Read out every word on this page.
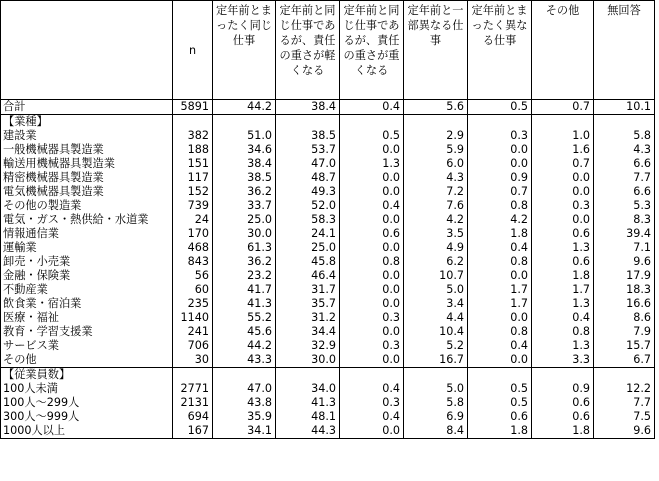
	n	定年前とまったく同じ仕事	定年前と同じ仕事であるが、責任の重さが軽くなる	定年前と同じ仕事であるが、責任の重さが重くなる	定年前と一部異なる仕事	定年前とまったく異なる仕事	その他	無回答
合計	5891	44.2	38.4	0.4	5.6	0.5	0.7	10.1
【業種】								
建設業	382	51.0	38.5	0.5	2.9	0.3	1.0	5.8
一般機械器具製造業	188	34.6	53.7	0.0	5.9	0.0	1.6	4.3
輸送用機械器具製造業	151	38.4	47.0	1.3	6.0	0.0	0.7	6.6
精密機械器具製造業	117	38.5	48.7	0.0	4.3	0.9	0.0	7.7
電気機械器具製造業	152	36.2	49.3	0.0	7.2	0.7	0.0	6.6
その他の製造業	739	33.7	52.0	0.4	7.6	0.8	0.3	5.3
電気・ガス・熱供給・水道業	24	25.0	58.3	0.0	4.2	4.2	0.0	8.3
情報通信業	170	30.0	24.1	0.6	3.5	1.8	0.6	39.4
運輸業	468	61.3	25.0	0.0	4.9	0.4	1.3	7.1
卸売・小売業	843	36.2	45.8	0.8	6.2	0.8	0.6	9.6
金融・保険業	56	23.2	46.4	0.0	10.7	0.0	1.8	17.9
不動産業	60	41.7	31.7	0.0	5.0	1.7	1.7	18.3
飲食業・宿泊業	235	41.3	35.7	0.0	3.4	1.7	1.3	16.6
医療・福祉	1140	55.2	31.2	0.3	4.4	0.0	0.4	8.6
教育・学習支援業	241	45.6	34.4	0.0	10.4	0.8	0.8	7.9
サービス業	706	44.2	32.9	0.3	5.2	0.4	1.3	15.7
その他	30	43.3	30.0	0.0	16.7	0.0	3.3	6.7
【従業員数】								
100人未満	2771	47.0	34.0	0.4	5.0	0.5	0.9	12.2
100人～299人	2131	43.8	41.3	0.3	5.8	0.5	0.6	7.7
300人～999人	694	35.9	48.1	0.4	6.9	0.6	0.6	7.5
1000人以上	167	34.1	44.3	0.0	8.4	1.8	1.8	9.6
